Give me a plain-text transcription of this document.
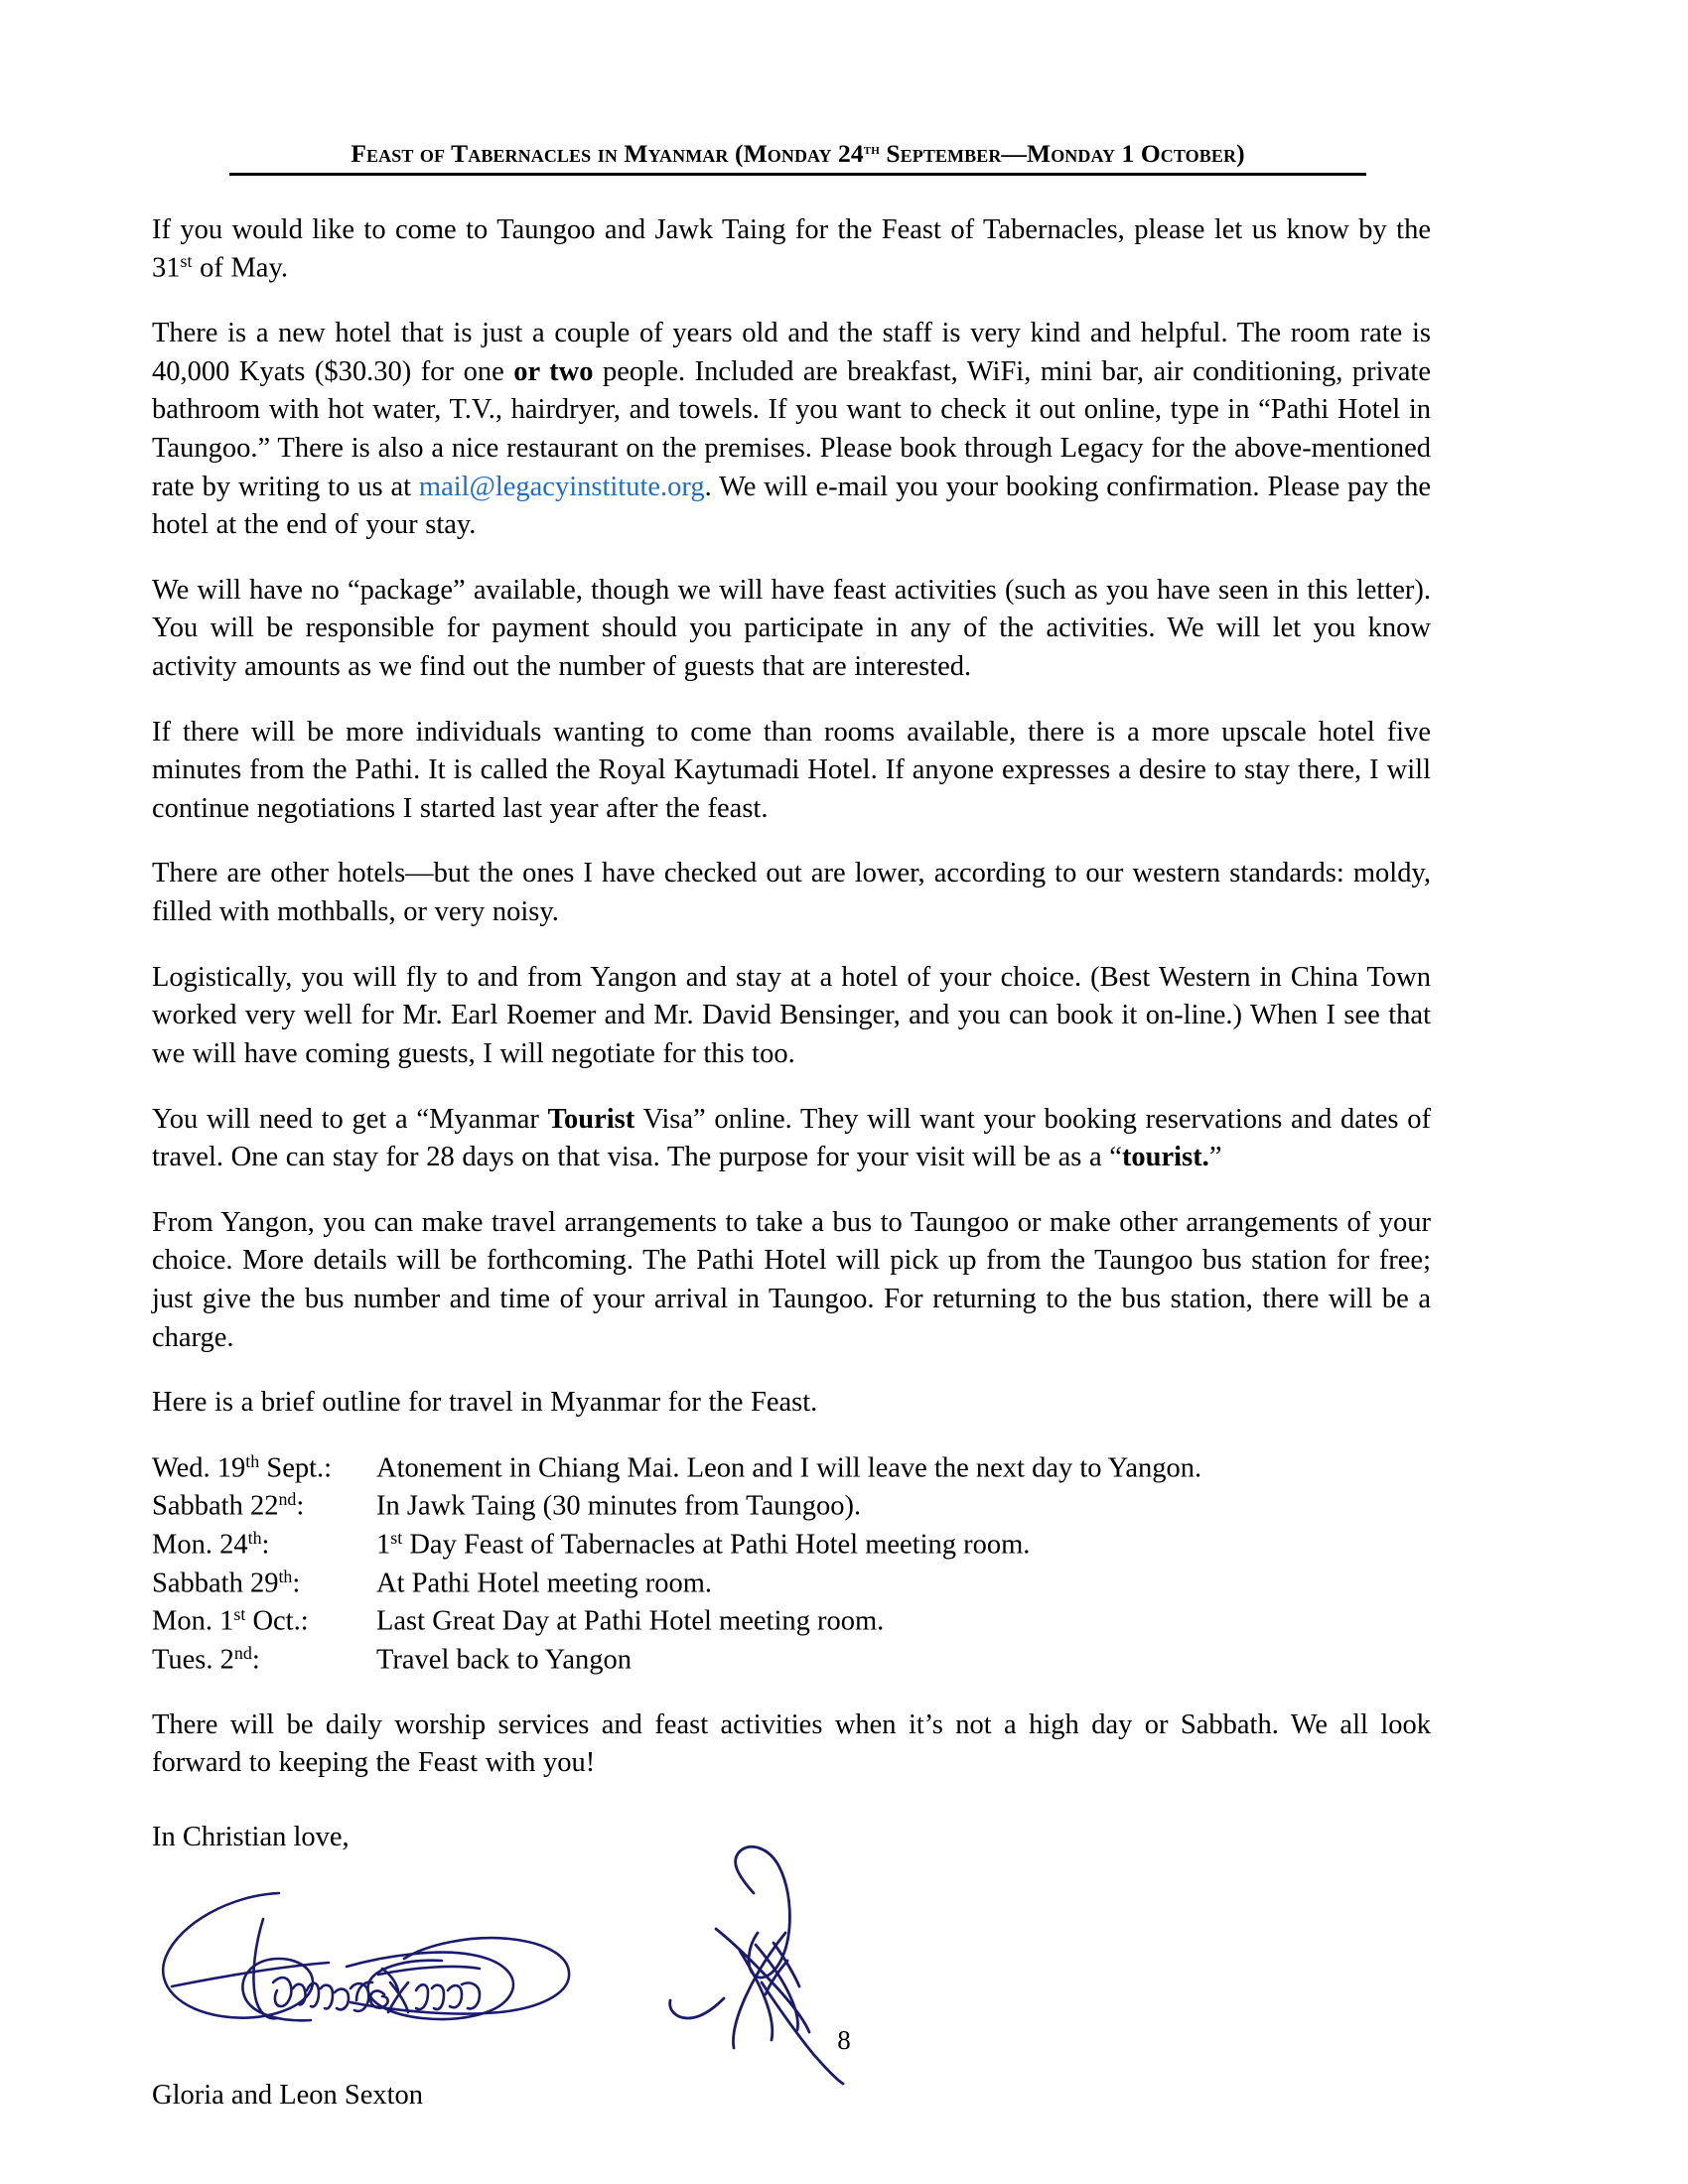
Feast of Tabernacles in Myanmar (Monday 24th September—Monday 1 October)

If you would like to come to Taungoo and Jawk Taing for the Feast of Tabernacles, please let us know by the 31st of May.

There is a new hotel that is just a couple of years old and the staff is very kind and helpful. The room rate is 40,000 Kyats ($30.30) for one or two people. Included are breakfast, WiFi, mini bar, air conditioning, private bathroom with hot water, T.V., hairdryer, and towels. If you want to check it out online, type in “Pathi Hotel in Taungoo.” There is also a nice restaurant on the premises. Please book through Legacy for the above-mentioned rate by writing to us at mail@legacyinstitute.org. We will e-mail you your booking confirmation. Please pay the hotel at the end of your stay.

We will have no “package” available, though we will have feast activities (such as you have seen in this letter). You will be responsible for payment should you participate in any of the activities. We will let you know activity amounts as we find out the number of guests that are interested.

If there will be more individuals wanting to come than rooms available, there is a more upscale hotel five minutes from the Pathi. It is called the Royal Kaytumadi Hotel. If anyone expresses a desire to stay there, I will continue negotiations I started last year after the feast.

There are other hotels—but the ones I have checked out are lower, according to our western standards: moldy, filled with mothballs, or very noisy.

Logistically, you will fly to and from Yangon and stay at a hotel of your choice. (Best Western in China Town worked very well for Mr. Earl Roemer and Mr. David Bensinger, and you can book it on-line.) When I see that we will have coming guests, I will negotiate for this too.

You will need to get a “Myanmar Tourist Visa” online. They will want your booking reservations and dates of travel. One can stay for 28 days on that visa. The purpose for your visit will be as a “tourist.”

From Yangon, you can make travel arrangements to take a bus to Taungoo or make other arrangements of your choice. More details will be forthcoming. The Pathi Hotel will pick up from the Taungoo bus station for free; just give the bus number and time of your arrival in Taungoo. For returning to the bus station, there will be a charge.

Here is a brief outline for travel in Myanmar for the Feast.

Wed. 19th Sept.:	Atonement in Chiang Mai. Leon and I will leave the next day to Yangon.
Sabbath 22nd:	In Jawk Taing (30 minutes from Taungoo).
Mon. 24th:	1st Day Feast of Tabernacles at Pathi Hotel meeting room.
Sabbath 29th:	At Pathi Hotel meeting room.
Mon. 1st Oct.:	Last Great Day at Pathi Hotel meeting room.
Tues. 2nd:	Travel back to Yangon

There will be daily worship services and feast activities when it’s not a high day or Sabbath. We all look forward to keeping the Feast with you!

In Christian love,

Gloria and Leon Sexton

8
